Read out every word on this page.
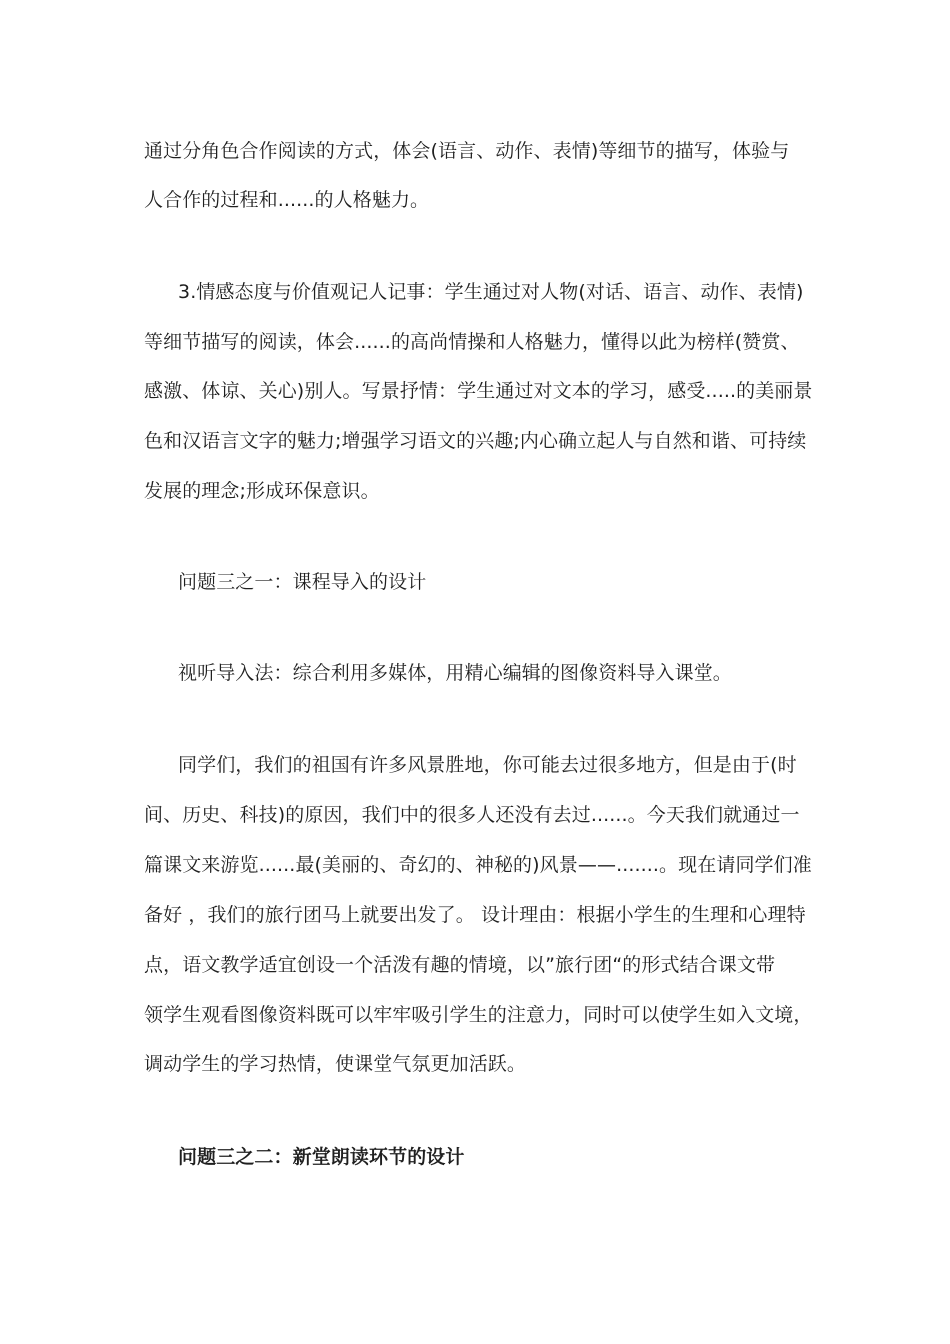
通过分角色合作阅读的方式，体会(语言、动作、表情)等细节的描写，体验与
人合作的过程和......的人格魅力。
3.情感态度与价值观记人记事：学生通过对人物(对话、语言、动作、表情)
等细节描写的阅读，体会......的高尚情操和人格魅力，懂得以此为榜样(赞赏、
感激、体谅、关心)别人。写景抒情：学生通过对文本的学习，感受.....的美丽景
色和汉语言文字的魅力;增强学习语文的兴趣;内心确立起人与自然和谐、可持续
发展的理念;形成环保意识。
问题三之一：课程导入的设计
视听导入法：综合利用多媒体，用精心编辑的图像资料导入课堂。
同学们，我们的祖国有许多风景胜地，你可能去过很多地方，但是由于(时
间、历史、科技)的原因，我们中的很多人还没有去过......。今天我们就通过一
篇课文来游览......最(美丽的、奇幻的、神秘的)风景——.......。现在请同学们准
备好 ，我们的旅行团马上就要出发了。 设计理由：根据小学生的生理和心理特
点，语文教学适宜创设一个活泼有趣的情境，以”旅行团“的形式结合课文带
领学生观看图像资料既可以牢牢吸引学生的注意力，同时可以使学生如入文境，
调动学生的学习热情，使课堂气氛更加活跃。
问题三之二：新堂朗读环节的设计
